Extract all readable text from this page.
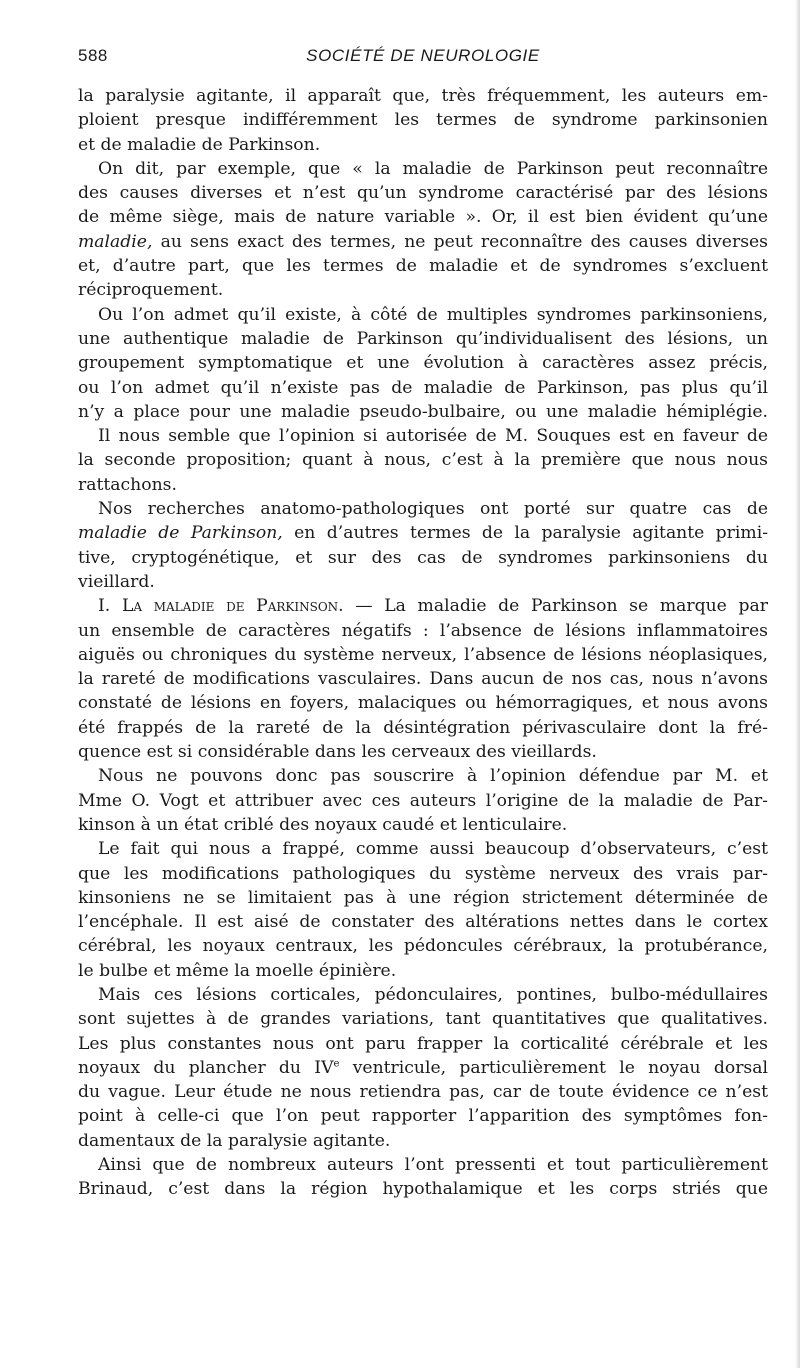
588	SOCIÉTÉ DE NEUROLOGIE
la paralysie agitante, il apparaît que, très fréquemment, les auteurs em-
ploient presque indifféremment les termes de syndrome parkinsonien
et de maladie de Parkinson.
On dit, par exemple, que « la maladie de Parkinson peut reconnaître
des causes diverses et n’est qu’un syndrome caractérisé par des lésions
de même siège, mais de nature variable ». Or, il est bien évident qu’une
maladie, au sens exact des termes, ne peut reconnaître des causes diverses
et, d’autre part, que les termes de maladie et de syndromes s’excluent
réciproquement.
Ou l’on admet qu’il existe, à côté de multiples syndromes parkinsoniens,
une authentique maladie de Parkinson qu’individualisent des lésions, un
groupement symptomatique et une évolution à caractères assez précis,
ou l’on admet qu’il n’existe pas de maladie de Parkinson, pas plus qu’il
n’y a place pour une maladie pseudo-bulbaire, ou une maladie hémiplégie.
Il nous semble que l’opinion si autorisée de M. Souques est en faveur de
la seconde proposition; quant à nous, c’est à la première que nous nous
rattachons.
Nos recherches anatomo-pathologiques ont porté sur quatre cas de
maladie de Parkinson, en d’autres termes de la paralysie agitante primi-
tive, cryptogénétique, et sur des cas de syndromes parkinsoniens du
vieillard.
I. La maladie de Parkinson. — La maladie de Parkinson se marque par
un ensemble de caractères négatifs : l’absence de lésions inflammatoires
aiguës ou chroniques du système nerveux, l’absence de lésions néoplasiques,
la rareté de modifications vasculaires. Dans aucun de nos cas, nous n’avons
constaté de lésions en foyers, malaciques ou hémorragiques, et nous avons
été frappés de la rareté de la désintégration périvasculaire dont la fré-
quence est si considérable dans les cerveaux des vieillards.
Nous ne pouvons donc pas souscrire à l’opinion défendue par M. et
Mme O. Vogt et attribuer avec ces auteurs l’origine de la maladie de Par-
kinson à un état criblé des noyaux caudé et lenticulaire.
Le fait qui nous a frappé, comme aussi beaucoup d’observateurs, c’est
que les modifications pathologiques du système nerveux des vrais par-
kinsoniens ne se limitaient pas à une région strictement déterminée de
l’encéphale. Il est aisé de constater des altérations nettes dans le cortex
cérébral, les noyaux centraux, les pédoncules cérébraux, la protubérance,
le bulbe et même la moelle épinière.
Mais ces lésions corticales, pédonculaires, pontines, bulbo-médullaires
sont sujettes à de grandes variations, tant quantitatives que qualitatives.
Les plus constantes nous ont paru frapper la corticalité cérébrale et les
noyaux du plancher du IVe ventricule, particulièrement le noyau dorsal
du vague. Leur étude ne nous retiendra pas, car de toute évidence ce n’est
point à celle-ci que l’on peut rapporter l’apparition des symptômes fon-
damentaux de la paralysie agitante.
Ainsi que de nombreux auteurs l’ont pressenti et tout particulièrement
Brinaud, c’est dans la région hypothalamique et les corps striés que
